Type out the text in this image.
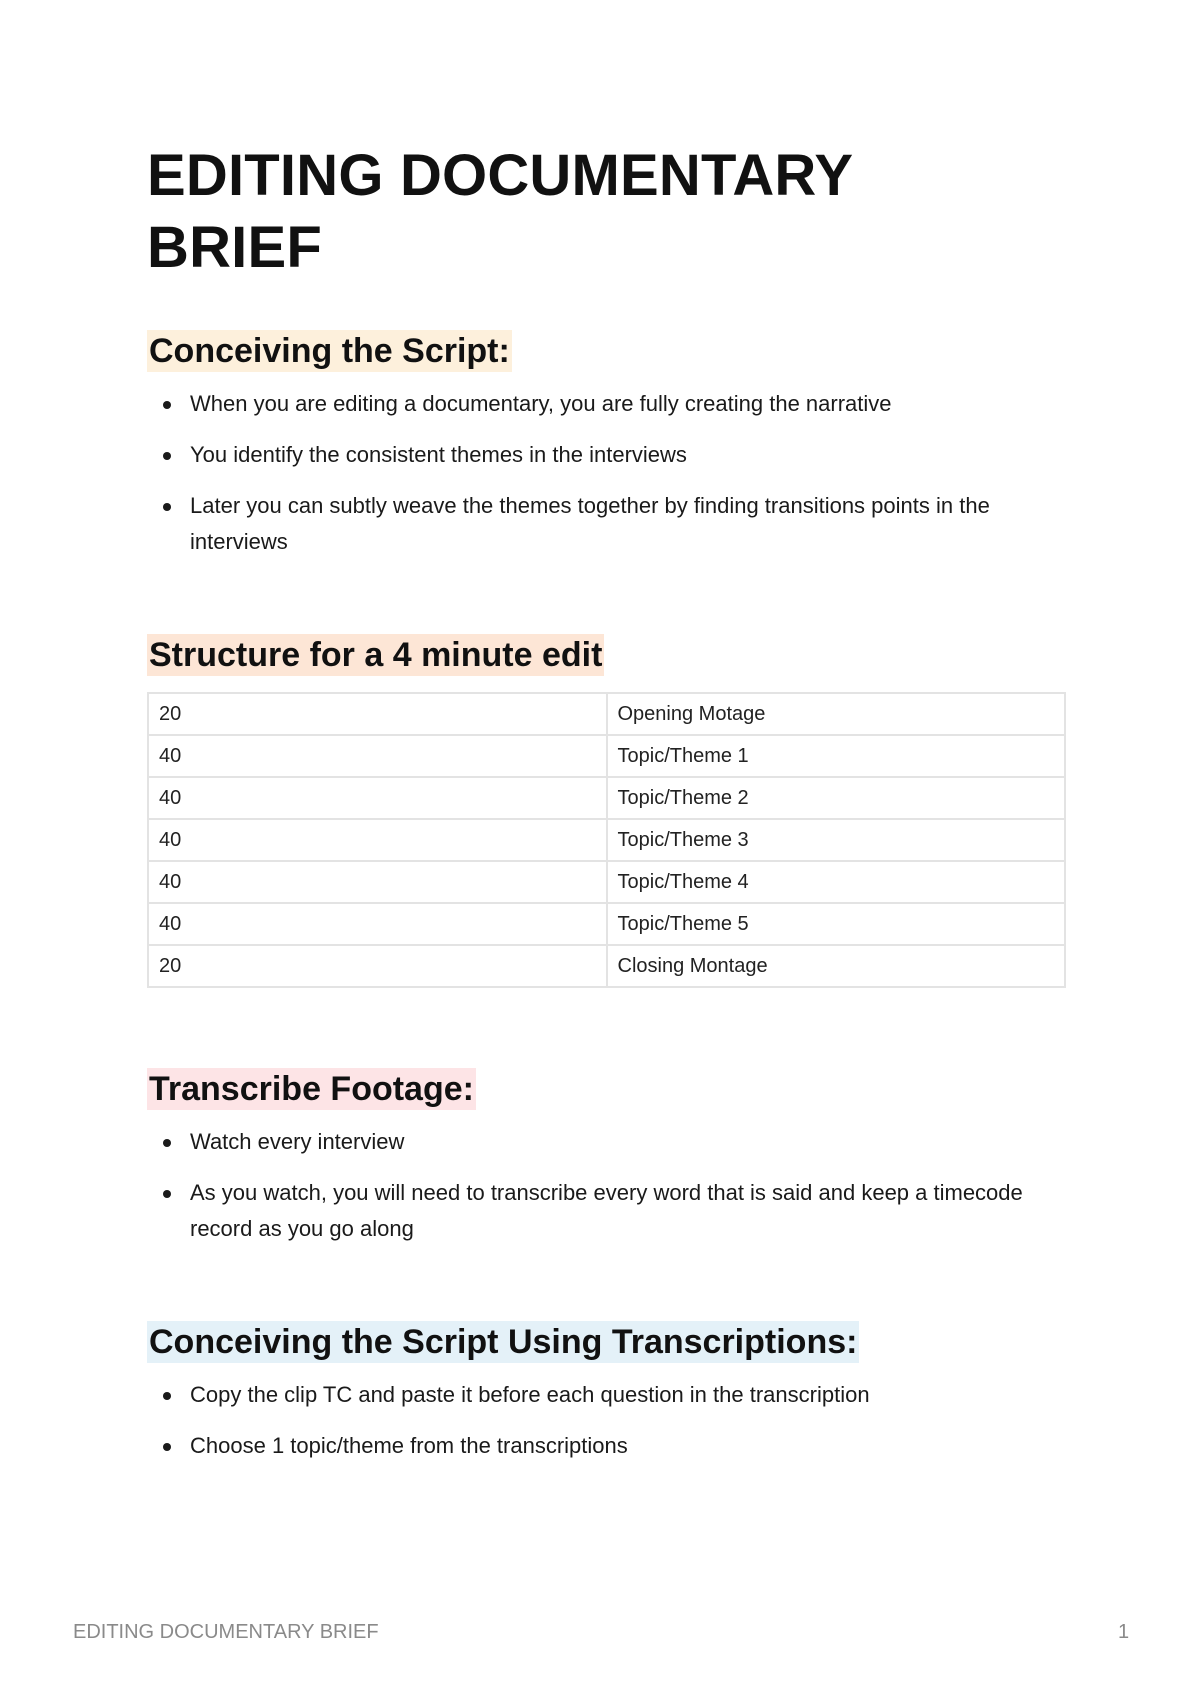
EDITING DOCUMENTARY BRIEF
Conceiving the Script:
When you are editing a documentary, you are fully creating the narrative
You identify the consistent themes in the interviews
Later you can subtly weave the themes together by finding transitions points in the interviews
Structure for a 4 minute edit
20	Opening Motage
40	Topic/Theme 1
40	Topic/Theme 2
40	Topic/Theme 3
40	Topic/Theme 4
40	Topic/Theme 5
20	Closing Montage
Transcribe Footage:
Watch every interview
As you watch, you will need to transcribe every word that is said and keep a timecode record as you go along
Conceiving the Script Using Transcriptions:
Copy the clip TC and paste it before each question in the transcription
Choose 1 topic/theme from the transcriptions
EDITING DOCUMENTARY BRIEF	1
